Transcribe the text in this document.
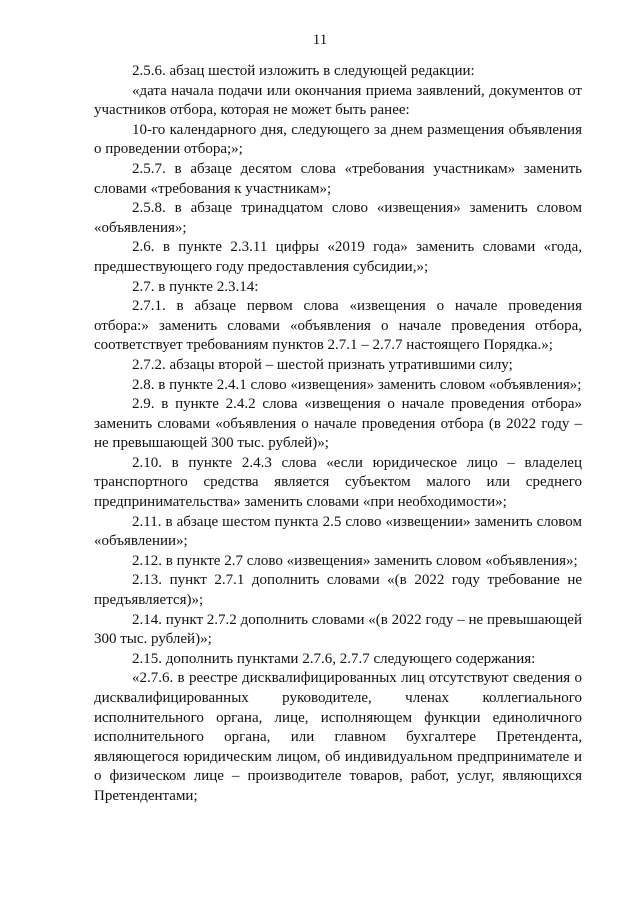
11

2.5.6. абзац шестой изложить в следующей редакции:

«дата начала подачи или окончания приема заявлений, документов от участников отбора, которая не может быть ранее:

10-го календарного дня, следующего за днем размещения объявления о проведении отбора;»;

2.5.7. в абзаце десятом слова «требования участникам» заменить словами «требования к участникам»;

2.5.8. в абзаце тринадцатом слово «извещения» заменить словом «объявления»;

2.6. в пункте 2.3.11 цифры «2019 года» заменить словами «года, предшествующего году предоставления субсидии,»;

2.7. в пункте 2.3.14:

2.7.1. в абзаце первом слова «извещения о начале проведения отбора:» заменить словами «объявления о начале проведения отбора, соответствует требованиям пунктов 2.7.1 – 2.7.7 настоящего Порядка.»;

2.7.2. абзацы второй – шестой признать утратившими силу;

2.8. в пункте 2.4.1 слово «извещения» заменить словом «объявления»;

2.9. в пункте 2.4.2 слова «извещения о начале проведения отбора» заменить словами «объявления о начале проведения отбора (в 2022 году – не превышающей 300 тыс. рублей)»;

2.10. в пункте 2.4.3 слова «если юридическое лицо – владелец транспортного средства является субъектом малого или среднего предпринимательства» заменить словами «при необходимости»;

2.11. в абзаце шестом пункта 2.5 слово «извещении» заменить словом «объявлении»;

2.12. в пункте 2.7 слово «извещения» заменить словом «объявления»;

2.13. пункт 2.7.1 дополнить словами «(в 2022 году требование не предъявляется)»;

2.14. пункт 2.7.2 дополнить словами «(в 2022 году – не превышающей 300 тыс. рублей)»;

2.15. дополнить пунктами 2.7.6, 2.7.7 следующего содержания:

«2.7.6. в реестре дисквалифицированных лиц отсутствуют сведения о дисквалифицированных руководителе, членах коллегиального исполнительного органа, лице, исполняющем функции единоличного исполнительного органа, или главном бухгалтере Претендента, являющегося юридическим лицом, об индивидуальном предпринимателе и о физическом лице – производителе товаров, работ, услуг, являющихся Претендентами;
